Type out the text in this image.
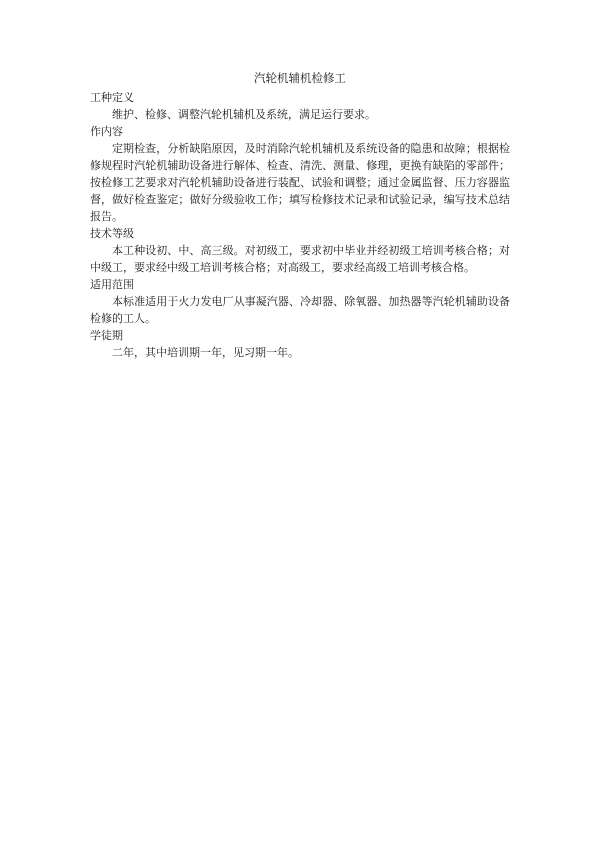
汽轮机辅机检修工
工种定义

维护、检修、调整汽轮机辅机及系统，满足运行要求。

作内容

定期检查，分析缺陷原因，及时消除汽轮机辅机及系统设备的隐患和故障；根据检修规程时汽轮机辅助设备进行解体、检查、清洗、测量、修理，更换有缺陷的零部件；按检修工艺要求对汽轮机辅助设备进行装配、试验和调整；通过金属监督、压力容器监督，做好检查鉴定；做好分级验收工作；填写检修技术记录和试验记录，编写技术总结报告。

技术等级

本工种设初、中、高三级。对初级工，要求初中毕业并经初级工培训考核合格；对中级工，要求经中级工培训考核合格；对高级工，要求经高级工培训考核合格。

适用范围

本标准适用于火力发电厂从事凝汽器、冷却器、除氧器、加热器等汽轮机辅助设备检修的工人。

学徒期

二年，其中培训期一年，见习期一年。
